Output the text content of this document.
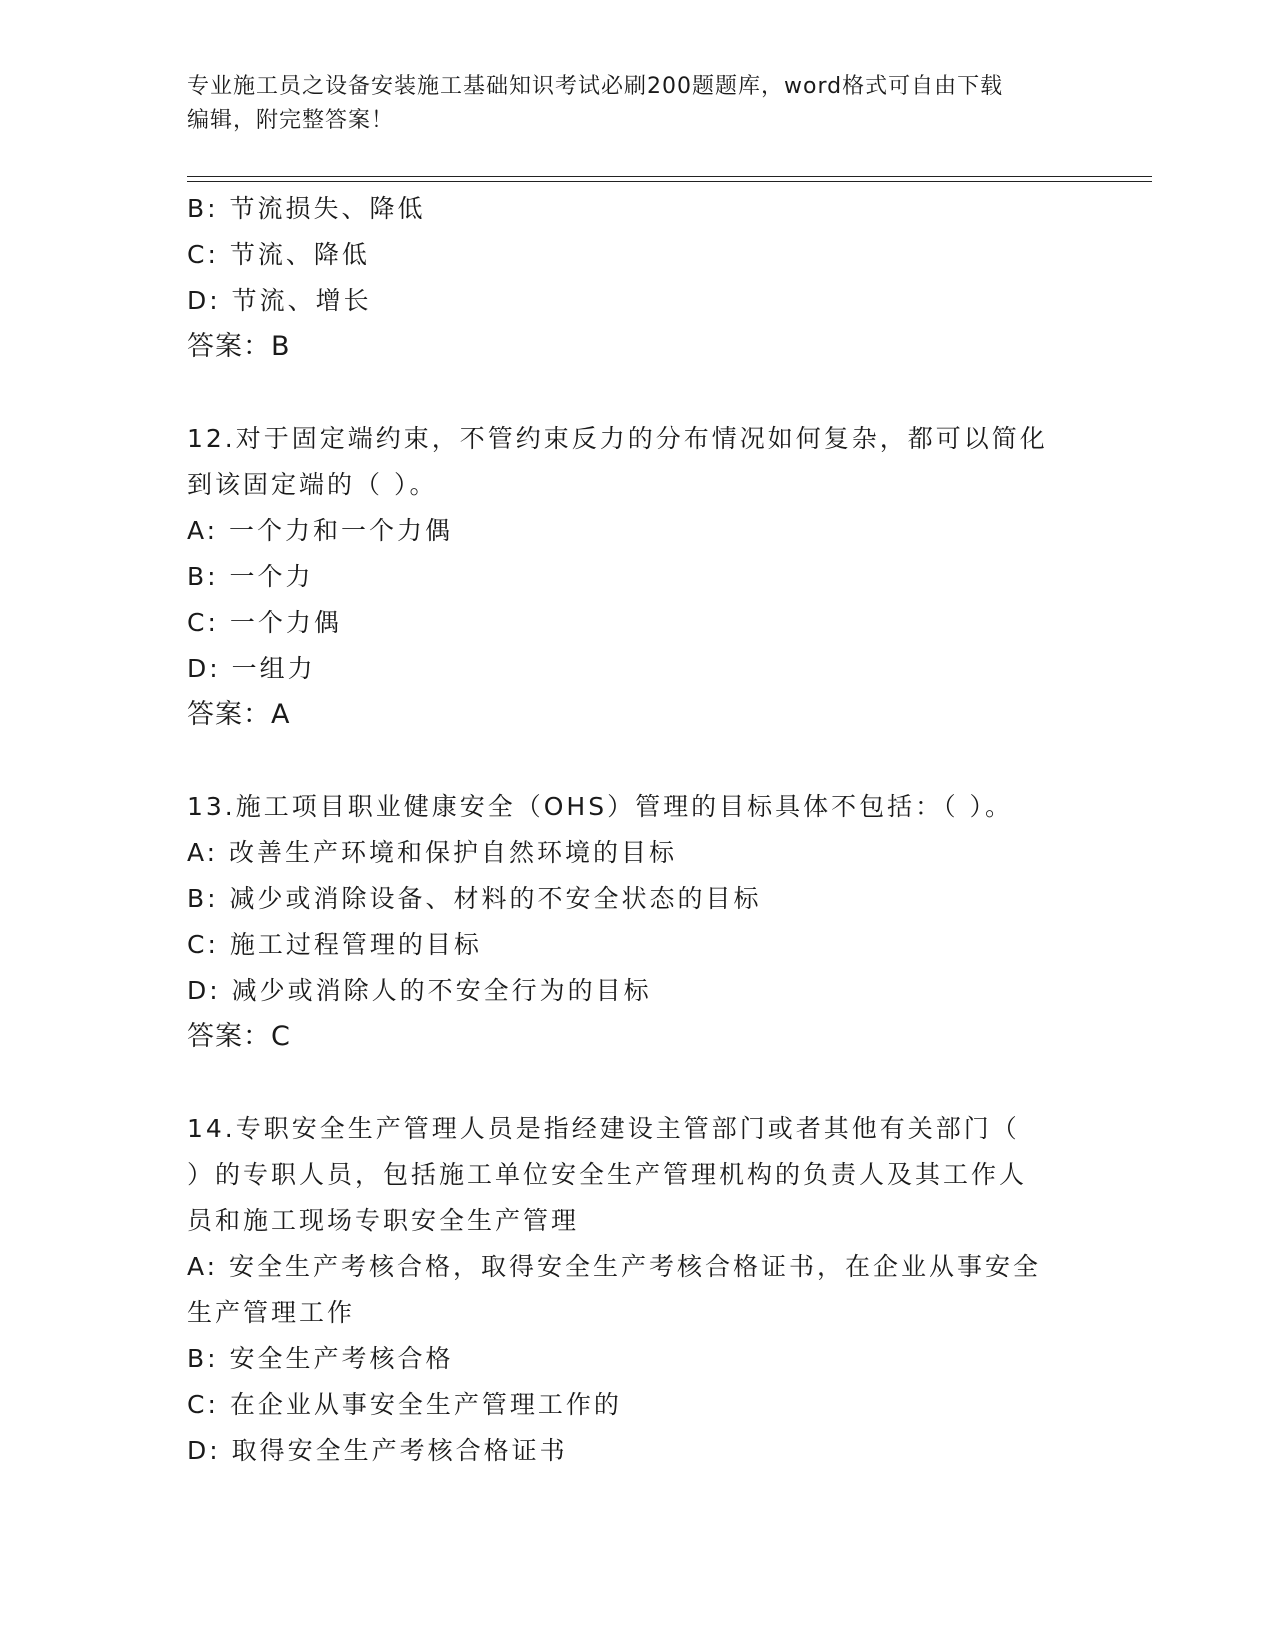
专业施工员之设备安装施工基础知识考试必刷200题题库，word格式可自由下载
编辑，附完整答案！
B: 节流损失、降低
C: 节流、降低
D: 节流、增长
答案：B
12.对于固定端约束，不管约束反力的分布情况如何复杂，都可以简化
到该固定端的（ ）。
A: 一个力和一个力偶
B: 一个力
C: 一个力偶
D: 一组力
答案：A
13.施工项目职业健康安全（OHS）管理的目标具体不包括：（ ）。
A: 改善生产环境和保护自然环境的目标
B: 减少或消除设备、材料的不安全状态的目标
C: 施工过程管理的目标
D: 减少或消除人的不安全行为的目标
答案：C
14.专职安全生产管理人员是指经建设主管部门或者其他有关部门（
）的专职人员，包括施工单位安全生产管理机构的负责人及其工作人
员和施工现场专职安全生产管理
A: 安全生产考核合格，取得安全生产考核合格证书，在企业从事安全
生产管理工作
B: 安全生产考核合格
C: 在企业从事安全生产管理工作的
D: 取得安全生产考核合格证书
